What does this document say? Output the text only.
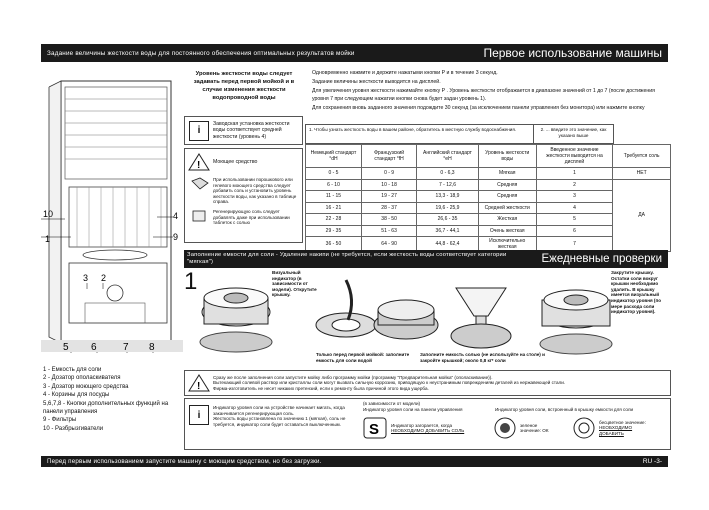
Задание величины жесткости воды для постоянного обеспечения оптимальных результатов мойки	Первое использование машины
10
1
4
9
3 2
5 6	7 8
1 - Емкость для соли
2 - Дозатор ополаскивателя
3 - Дозатор моющего средства
4 - Корзины для посуды
5,6,7,8 - Кнопки дополнительных функций на
панели управления
9 - Фильтры
10 - Разбрызгиватели
Уровень жесткости воды следует задавать перед первой мойкой и в случае изменения жесткости водопроводной воды
Одновременно нажмите и держите нажатыми кнопки P и в течение 3 секунд.
Задание величины жесткости выводится на дисплей.
Для увеличения уровня жесткости нажимайте кнопку P . Уровень жесткости отображается в диапазоне значений от 1 до 7 (после достижения
уровня 7 при следующем нажатии кнопки снова будет задан уровень 1).
Для сохранения вновь заданного значения подождите 30 секунд (за исключением панели управления без монитора) или нажмите кнопку
i
Заводская установка жесткости воды соответствует средней жесткости (уровень 4)
! Моющее средство
При использовании порошкового или гелевого моющего средства следует добавить соль и установить уровень жесткости воды, как указано в таблице справа.
Регенерирующую соль следует добавлять даже при использовании таблеток с солью
1. Чтобы узнать жесткость воды в вашем районе, обратитесь в местную службу водоснабжения.	2. ... введите это значение, как указано выше
Немецкий стандарт °dH	Французский стандарт °fH	Английский стандарт °eH	Уровень жесткости воды	Введенное значение жесткости выводится на дисплей	Требуется соль
0 - 5	0 - 9	0 - 6,3	Мягкая	1	НЕТ
6 - 10	10 - 18	7 - 12,6	Средняя	2	ДА
11 - 15	19 - 27	13,3 - 18,9	Средняя	3	
16 - 21	28 - 37	19,6 - 25,9	Средней жесткости	4	
22 - 28	38 - 50	26,6 - 35	Жесткая	5	
29 - 35	51 - 63	36,7 - 44,1	Очень жесткая	6	
36 - 50	64 - 90	44,8 - 62,4	Исключительно жесткая	7	
Заполнение емкости для соли - Удаление накипи (не требуется, если жесткость воды соответствует категории "мягкая")	Ежедневные проверки
1	Визуальный индикатор (в зависимости от модели). Открутите крышку.
Только перед первой мойкой: заполните емкость для соли водой
Заполните емкость солью (не используйте на столе) и закройте крышкой; около 0,8 кг* соли
Закрутите крышку. Остатки соли вокруг крышки необходимо удалить. В крышку имеется визуальный индикатор уровня (по мере расхода соли индикатор уровня).
!
Сразу же после заполнения соли запустите мойку либо программу мойки (программу "Предварительная мойка" (ополаскивание)).
Вытекающий солевой раствор или кристаллы соли могут вызвать сильную коррозию, приводящую к неустранимым повреждениям деталей из нержавеющей стали.
Фирма-изготовитель не несет никаких претензий, если к ремонту была причиной этого вида ущерба.
i
Индикатор уровня соли на устройстве начинает мигать, когда
заканчивается регенерирующая соль.
Жесткость воды установлена по значению 1 (мягкая), соль не
требуется, индикатор соли будет оставаться выключенным.
(в зависимости от модели)
Индикатор уровня соли на панели управления	Индикатор уровня соли, встроенный в крышку емкости для соли
S	Индикатор загорается, когда
НЕОБХОДИМО ДОБАВИТЬ СОЛЬ
зеленое
значение: ОК
бесцветное значение:
НЕОБХОДИМО ДОБАВИТЬ
Перед первым использованием запустите машину с моющим средством, но без загрузки.	RU -3-
